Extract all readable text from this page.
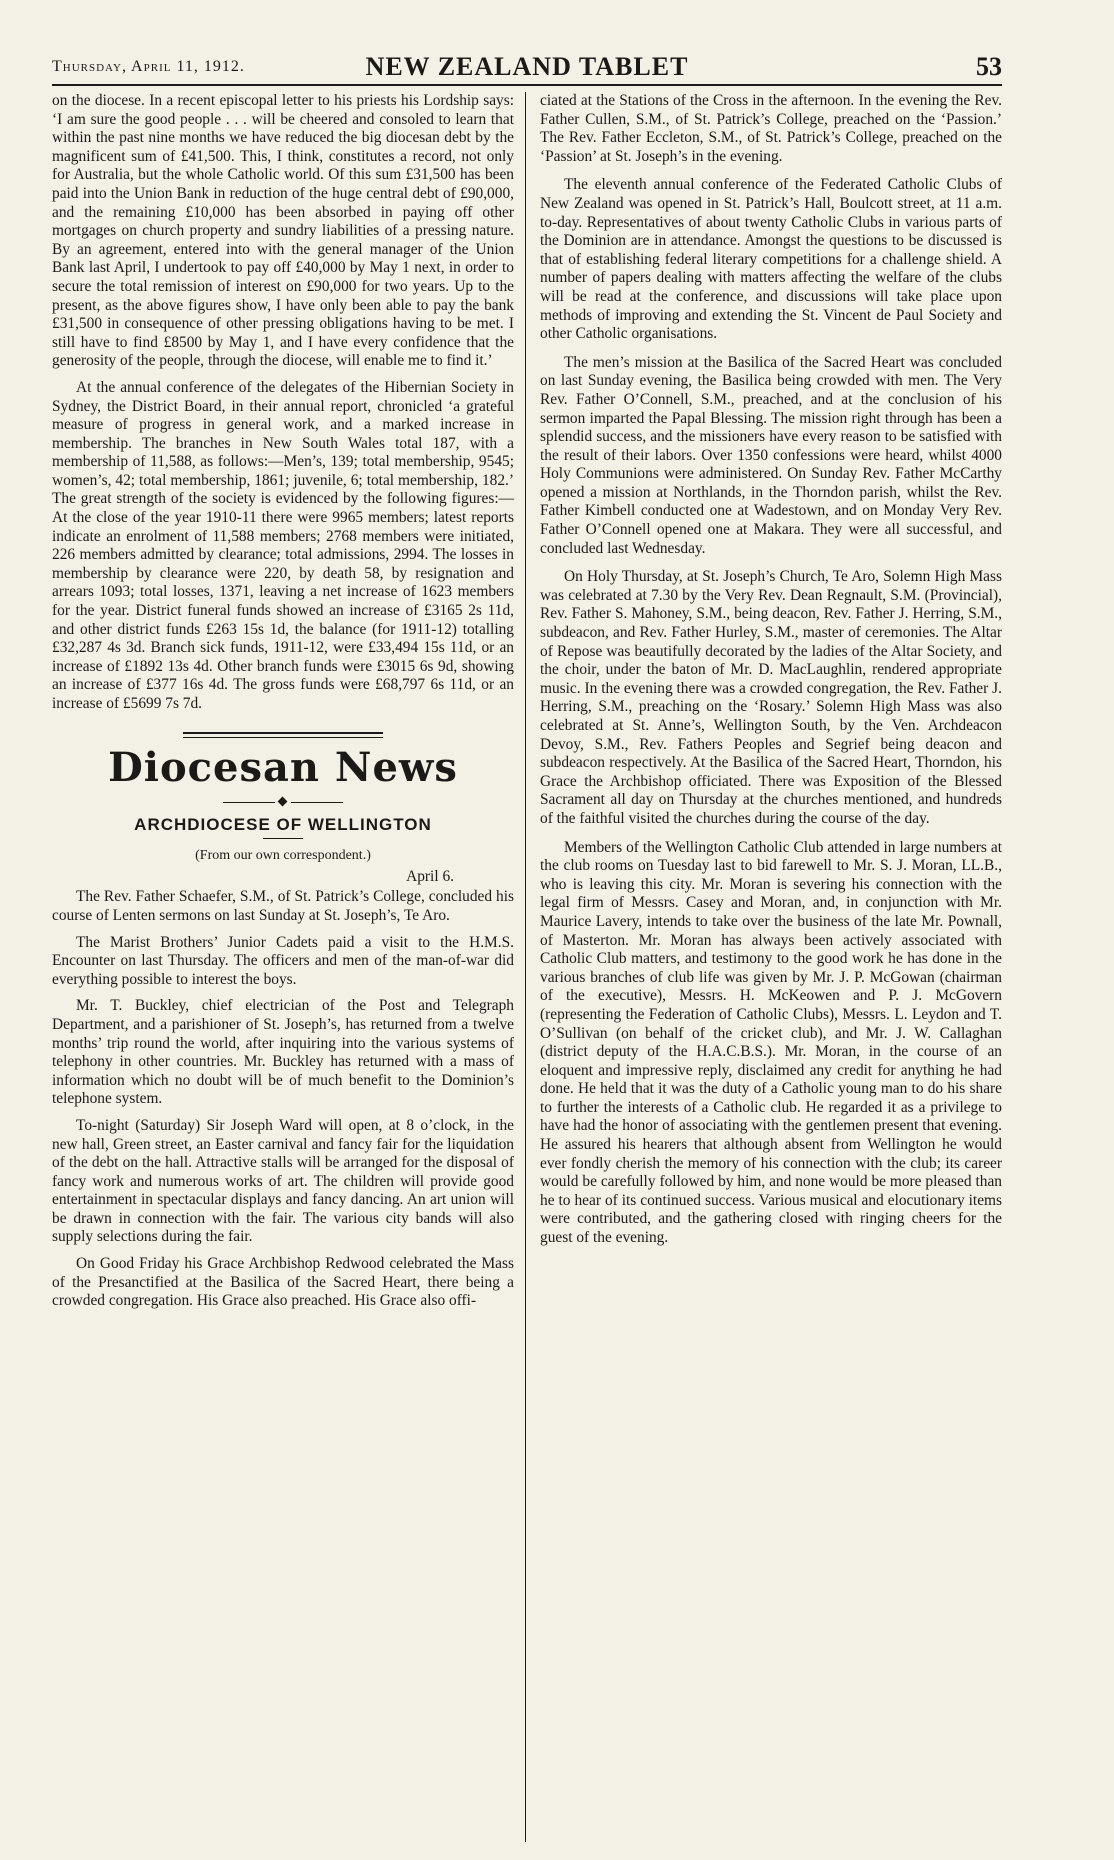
Thursday, April 11, 1912.	NEW ZEALAND TABLET	53

on the diocese. In a recent episcopal letter to his priests his Lordship says: ‘I am sure the good people . . . will be cheered and consoled to learn that within the past nine months we have reduced the big diocesan debt by the magnificent sum of £41,500. This, I think, constitutes a record, not only for Australia, but the whole Catholic world. Of this sum £31,500 has been paid into the Union Bank in reduction of the huge central debt of £90,000, and the remaining £10,000 has been absorbed in paying off other mortgages on church property and sundry liabilities of a pressing nature. By an agreement, entered into with the general manager of the Union Bank last April, I undertook to pay off £40,000 by May 1 next, in order to secure the total remission of interest on £90,000 for two years. Up to the present, as the above figures show, I have only been able to pay the bank £31,500 in consequence of other pressing obligations having to be met. I still have to find £8500 by May 1, and I have every confidence that the generosity of the people, through the diocese, will enable me to find it.’

At the annual conference of the delegates of the Hibernian Society in Sydney, the District Board, in their annual report, chronicled ‘a grateful measure of progress in general work, and a marked increase in membership. The branches in New South Wales total 187, with a membership of 11,588, as follows:—Men’s, 139; total membership, 9545; women’s, 42; total membership, 1861; juvenile, 6; total membership, 182.’ The great strength of the society is evidenced by the following figures:—At the close of the year 1910-11 there were 9965 members; latest reports indicate an enrolment of 11,588 members; 2768 members were initiated, 226 members admitted by clearance; total admissions, 2994. The losses in membership by clearance were 220, by death 58, by resignation and arrears 1093; total losses, 1371, leaving a net increase of 1623 members for the year. District funeral funds showed an increase of £3165 2s 11d, and other district funds £263 15s 1d, the balance (for 1911-12) totalling £32,287 4s 3d. Branch sick funds, 1911-12, were £33,494 15s 11d, or an increase of £1892 13s 4d. Other branch funds were £3015 6s 9d, showing an increase of £377 16s 4d. The gross funds were £68,797 6s 11d, or an increase of £5699 7s 7d.

Diocesan News
ARCHDIOCESE OF WELLINGTON
(From our own correspondent.)
April 6.

The Rev. Father Schaefer, S.M., of St. Patrick’s College, concluded his course of Lenten sermons on last Sunday at St. Joseph’s, Te Aro.

The Marist Brothers’ Junior Cadets paid a visit to the H.M.S. Encounter on last Thursday. The officers and men of the man-of-war did everything possible to interest the boys.

Mr. T. Buckley, chief electrician of the Post and Telegraph Department, and a parishioner of St. Joseph’s, has returned from a twelve months’ trip round the world, after inquiring into the various systems of telephony in other countries. Mr. Buckley has returned with a mass of information which no doubt will be of much benefit to the Dominion’s telephone system.

To-night (Saturday) Sir Joseph Ward will open, at 8 o’clock, in the new hall, Green street, an Easter carnival and fancy fair for the liquidation of the debt on the hall. Attractive stalls will be arranged for the disposal of fancy work and numerous works of art. The children will provide good entertainment in spectacular displays and fancy dancing. An art union will be drawn in connection with the fair. The various city bands will also supply selections during the fair.

On Good Friday his Grace Archbishop Redwood celebrated the Mass of the Presanctified at the Basilica of the Sacred Heart, there being a crowded congregation. His Grace also preached. His Grace also offi-

ciated at the Stations of the Cross in the afternoon. In the evening the Rev. Father Cullen, S.M., of St. Patrick’s College, preached on the ‘Passion.’ The Rev. Father Eccleton, S.M., of St. Patrick’s College, preached on the ‘Passion’ at St. Joseph’s in the evening.

The eleventh annual conference of the Federated Catholic Clubs of New Zealand was opened in St. Patrick’s Hall, Boulcott street, at 11 a.m. to-day. Representatives of about twenty Catholic Clubs in various parts of the Dominion are in attendance. Amongst the questions to be discussed is that of establishing federal literary competitions for a challenge shield. A number of papers dealing with matters affecting the welfare of the clubs will be read at the conference, and discussions will take place upon methods of improving and extending the St. Vincent de Paul Society and other Catholic organisations.

The men’s mission at the Basilica of the Sacred Heart was concluded on last Sunday evening, the Basilica being crowded with men. The Very Rev. Father O’Connell, S.M., preached, and at the conclusion of his sermon imparted the Papal Blessing. The mission right through has been a splendid success, and the missioners have every reason to be satisfied with the result of their labors. Over 1350 confessions were heard, whilst 4000 Holy Communions were administered. On Sunday Rev. Father McCarthy opened a mission at Northlands, in the Thorndon parish, whilst the Rev. Father Kimbell conducted one at Wadestown, and on Monday Very Rev. Father O’Connell opened one at Makara. They were all successful, and concluded last Wednesday.

On Holy Thursday, at St. Joseph’s Church, Te Aro, Solemn High Mass was celebrated at 7.30 by the Very Rev. Dean Regnault, S.M. (Provincial), Rev. Father S. Mahoney, S.M., being deacon, Rev. Father J. Herring, S.M., subdeacon, and Rev. Father Hurley, S.M., master of ceremonies. The Altar of Repose was beautifully decorated by the ladies of the Altar Society, and the choir, under the baton of Mr. D. MacLaughlin, rendered appropriate music. In the evening there was a crowded congregation, the Rev. Father J. Herring, S.M., preaching on the ‘Rosary.’ Solemn High Mass was also celebrated at St. Anne’s, Wellington South, by the Ven. Archdeacon Devoy, S.M., Rev. Fathers Peoples and Segrief being deacon and subdeacon respectively. At the Basilica of the Sacred Heart, Thorndon, his Grace the Archbishop officiated. There was Exposition of the Blessed Sacrament all day on Thursday at the churches mentioned, and hundreds of the faithful visited the churches during the course of the day.

Members of the Wellington Catholic Club attended in large numbers at the club rooms on Tuesday last to bid farewell to Mr. S. J. Moran, LL.B., who is leaving this city. Mr. Moran is severing his connection with the legal firm of Messrs. Casey and Moran, and, in conjunction with Mr. Maurice Lavery, intends to take over the business of the late Mr. Pownall, of Masterton. Mr. Moran has always been actively associated with Catholic Club matters, and testimony to the good work he has done in the various branches of club life was given by Mr. J. P. McGowan (chairman of the executive), Messrs. H. McKeowen and P. J. McGovern (representing the Federation of Catholic Clubs), Messrs. L. Leydon and T. O’Sullivan (on behalf of the cricket club), and Mr. J. W. Callaghan (district deputy of the H.A.C.B.S.). Mr. Moran, in the course of an eloquent and impressive reply, disclaimed any credit for anything he had done. He held that it was the duty of a Catholic young man to do his share to further the interests of a Catholic club. He regarded it as a privilege to have had the honor of associating with the gentlemen present that evening. He assured his hearers that although absent from Wellington he would ever fondly cherish the memory of his connection with the club; its career would be carefully followed by him, and none would be more pleased than he to hear of its continued success. Various musical and elocutionary items were contributed, and the gathering closed with ringing cheers for the guest of the evening.
